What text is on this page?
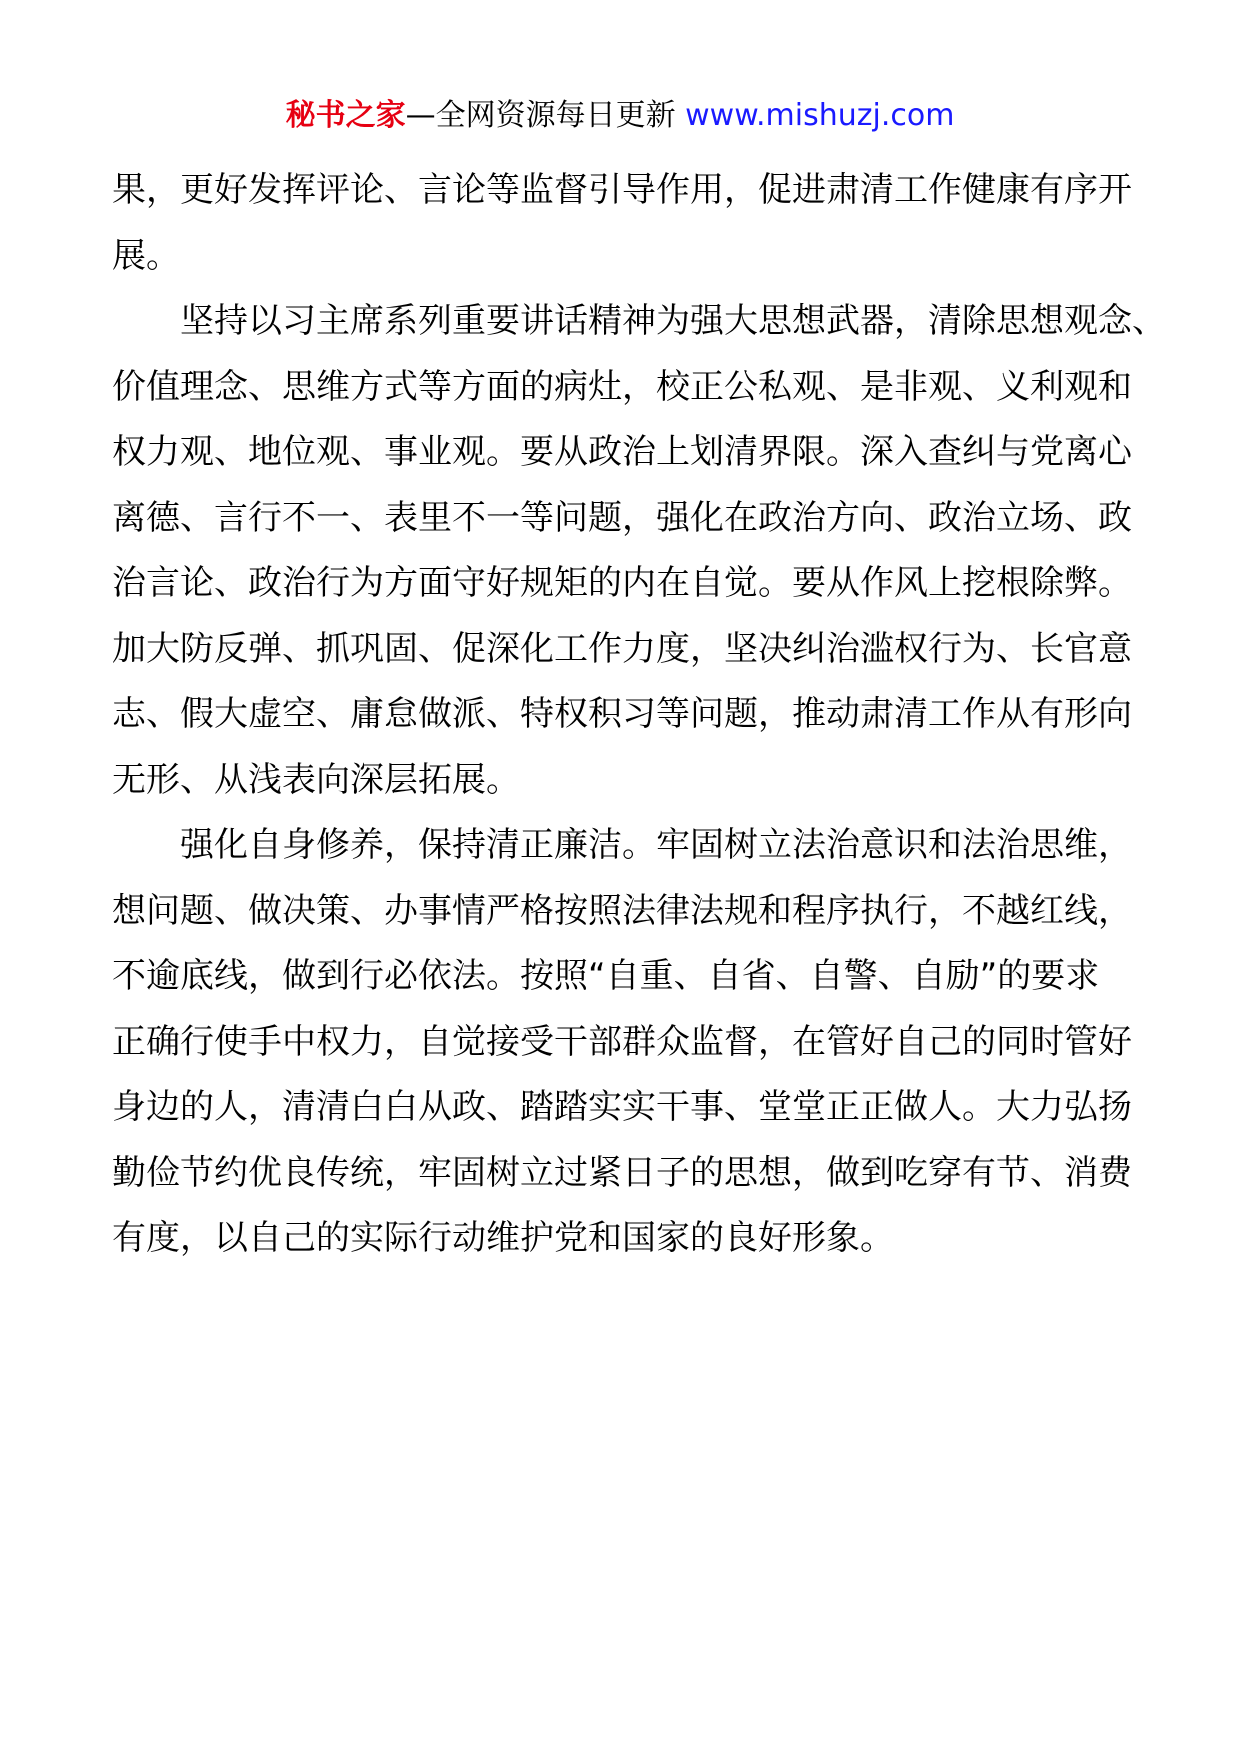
秘书之家—全网资源每日更新 www.mishuzj.com
果，更好发挥评论、言论等监督引导作用，促进肃清工作健康有序开
展。
坚持以习主席系列重要讲话精神为强大思想武器，清除思想观念、
价值理念、思维方式等方面的病灶，校正公私观、是非观、义利观和
权力观、地位观、事业观。要从政治上划清界限。深入查纠与党离心
离德、言行不一、表里不一等问题，强化在政治方向、政治立场、政
治言论、政治行为方面守好规矩的内在自觉。要从作风上挖根除弊。
加大防反弹、抓巩固、促深化工作力度，坚决纠治滥权行为、长官意
志、假大虚空、庸怠做派、特权积习等问题，推动肃清工作从有形向
无形、从浅表向深层拓展。
强化自身修养，保持清正廉洁。牢固树立法治意识和法治思维，
想问题、做决策、办事情严格按照法律法规和程序执行，不越红线，
不逾底线，做到行必依法。按照“自重、自省、自警、自励”的要求
正确行使手中权力，自觉接受干部群众监督，在管好自己的同时管好
身边的人，清清白白从政、踏踏实实干事、堂堂正正做人。大力弘扬
勤俭节约优良传统，牢固树立过紧日子的思想，做到吃穿有节、消费
有度，以自己的实际行动维护党和国家的良好形象。
